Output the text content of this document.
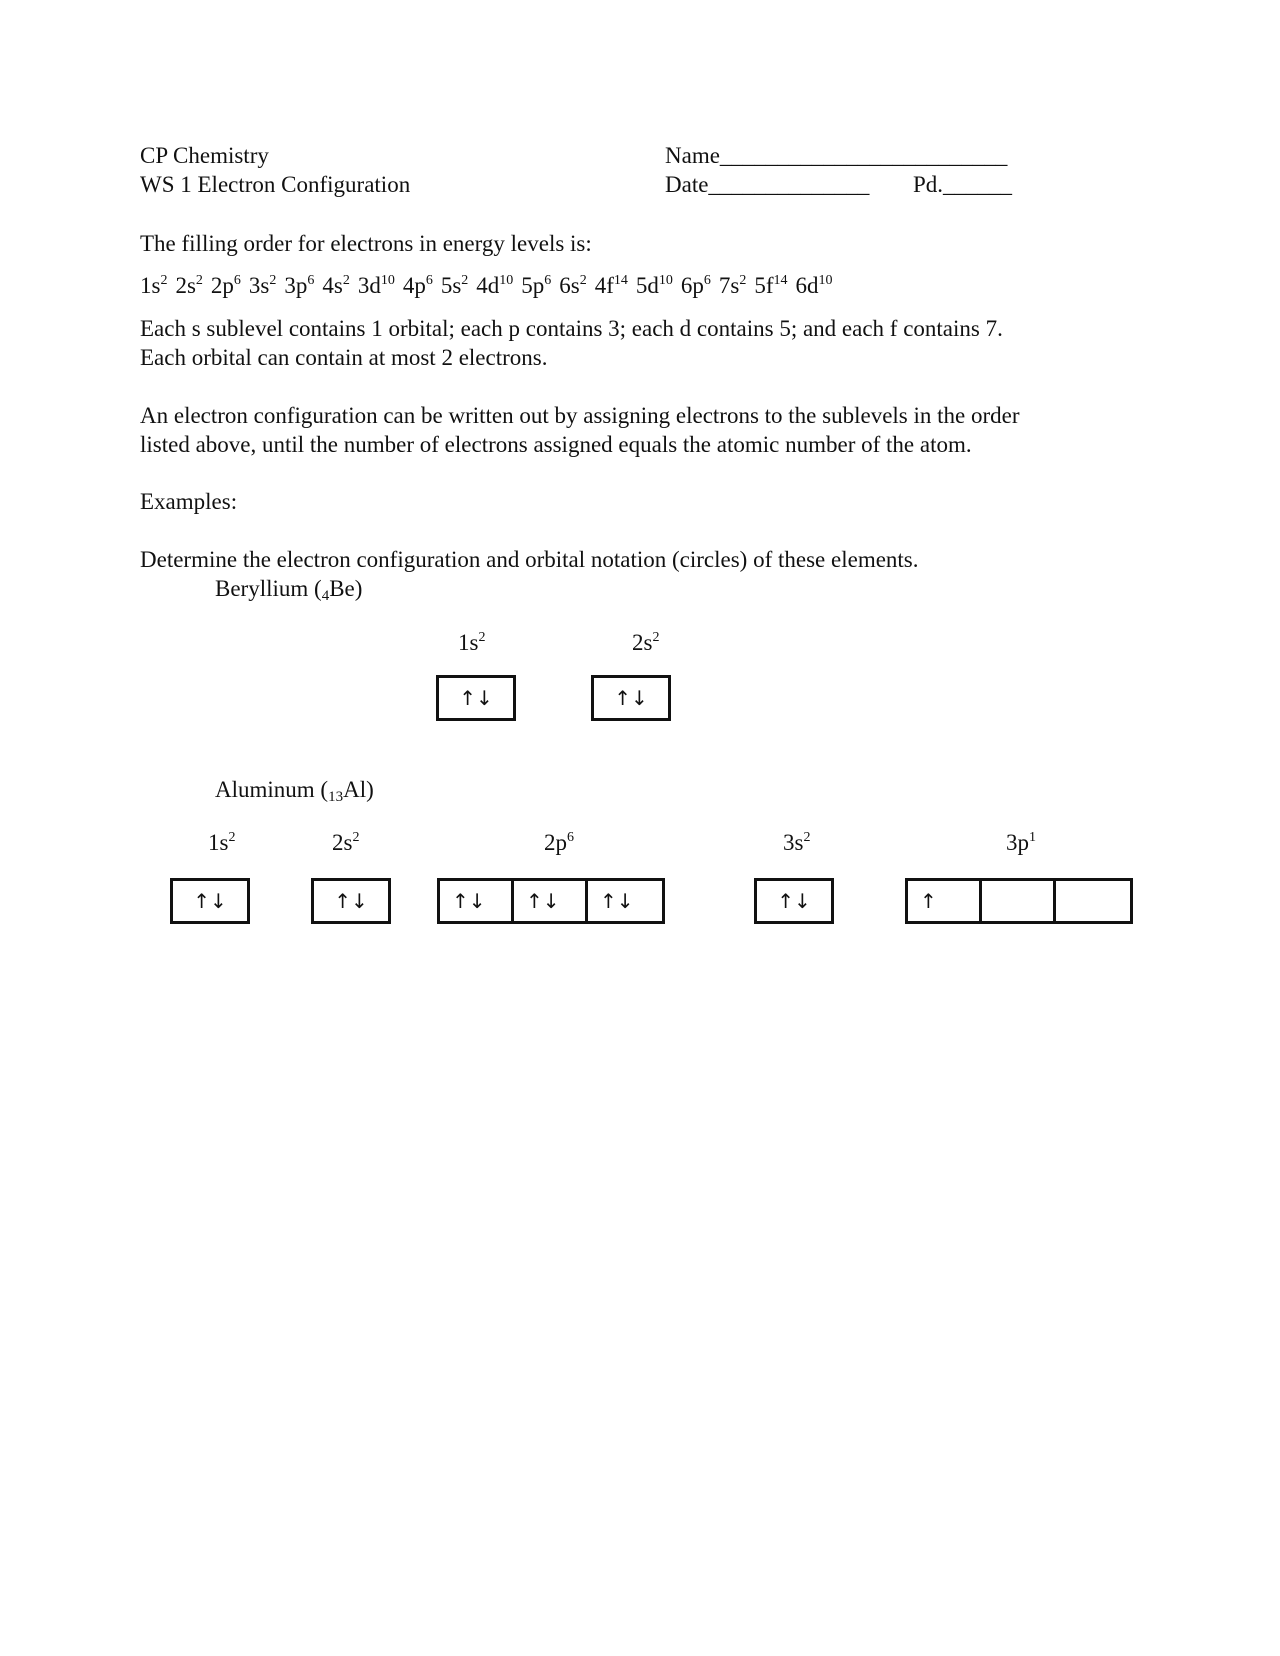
CP Chemistry
WS 1 Electron Configuration
Name_________________________
Date______________ Pd.______
The filling order for electrons in energy levels is:
$1s^2$ $2s^2$ $2p^6$ $3s^2$ $3p^6$ $4s^2$ $3d^{10}$ $4p^6$ $5s^2$ $4d^{10}$ $5p^6$ $6s^2$ $4f^{14}$ $5d^{10}$ $6p^6$ $7s^2$ $5f^{14}$ $6d^{10}$
Each s sublevel contains 1 orbital; each p contains 3; each d contains 5; and each f contains 7.
Each orbital can contain at most 2 electrons.
An electron configuration can be written out by assigning electrons to the sublevels in the order
listed above, until the number of electrons assigned equals the atomic number of the atom.
Examples:
Determine the electron configuration and orbital notation (circles) of these elements.
Beryllium $(_4Be)$
$1s^2$
↑↓
$2s^2$
↑↓
Aluminum $(_{13}Al)$
$1s^2$
↑↓
$2s^2$
↑↓
$2p^6$
↑↓	↑↓	↑↓
$3s^2$
↑↓
$3p^1$
↑
